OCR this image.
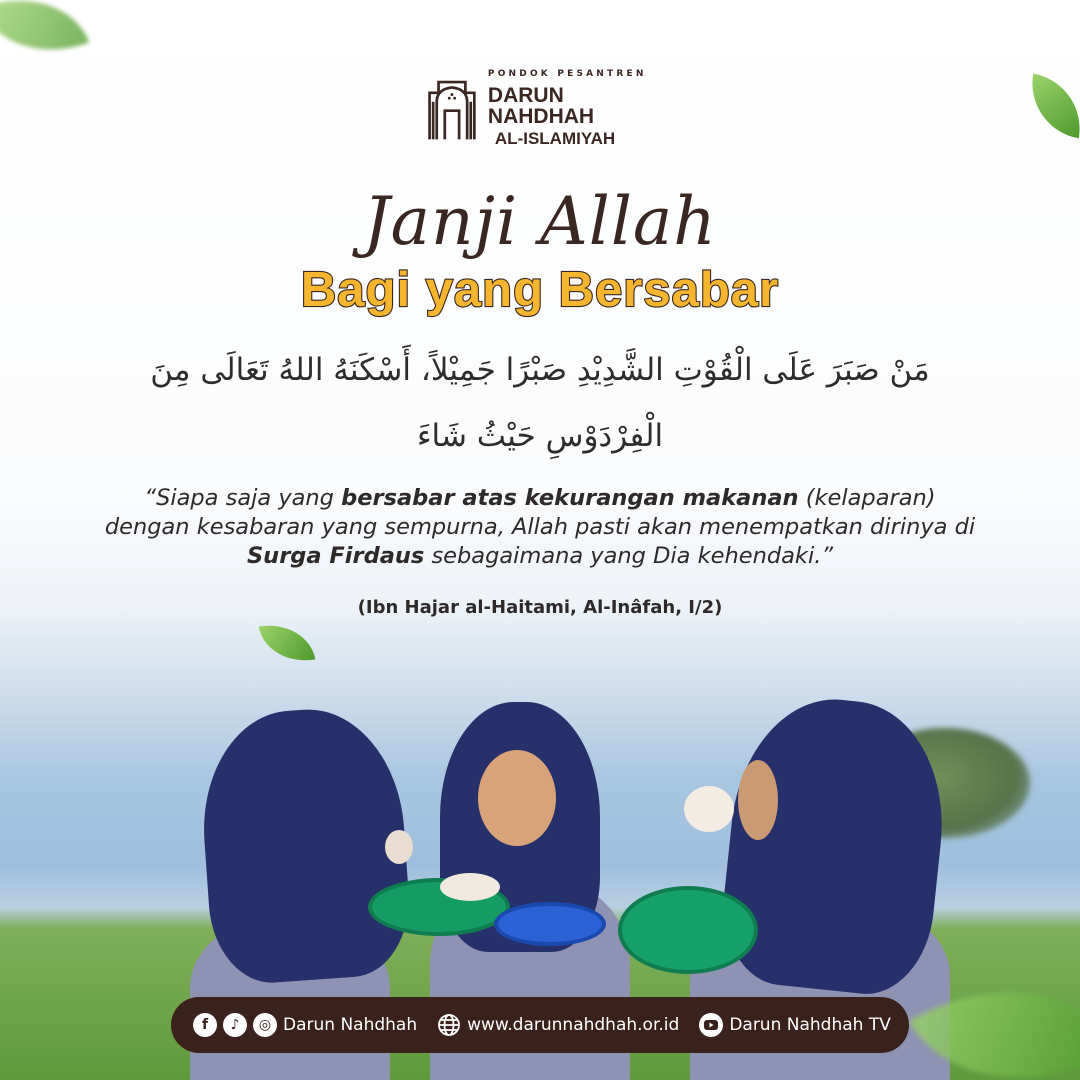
PONDOK PESANTREN
DARUN NAHDHAH
AL-ISLAMIYAH
Janji Allah
Bagi yang Bersabar
مَنْ صَبَرَ عَلَى الْقُوْتِ الشَّدِيْدِ صَبْرًا جَمِيْلاً، أَسْكَنَهُ اللهُ تَعَالَى مِنَ
الْفِرْدَوْسِ حَيْثُ شَاءَ
“Siapa saja yang bersabar atas kekurangan makanan (kelaparan) dengan kesabaran yang sempurna, Allah pasti akan menempatkan dirinya di Surga Firdaus sebagaimana yang Dia kehendaki.”
(Ibn Hajar al-Haitami, Al-Inâfah, I/2)
f	♪	◎ Darun Nahdhah	www.darunnahdhah.or.id	Darun Nahdhah TV
